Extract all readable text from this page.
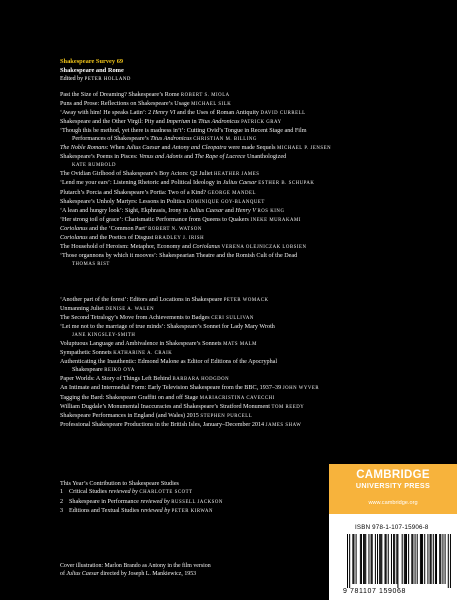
Shakespeare Survey 69
Shakespeare and Rome
Edited by PETER HOLLAND
Past the Size of Dreaming? Shakespeare’s Rome ROBERT S. MIOLA
Puns and Prose: Reflections on Shakespeare’s Usage MICHAEL SILK
‘Away with him! He speaks Latin’: 2 Henry VI and the Uses of Roman Antiquity DAVID CURRELL
Shakespeare and the Other Virgil: Pity and Imperium in Titus Andronicus PATRICK GRAY
‘Though this be method, yet there is madness in’t’: Cutting Ovid’s Tongue in Recent Stage and Film
Performances of Shakespeare’s Titus Andronicus CHRISTIAN M. BILLING
The Noble Romans: When Julius Caesar and Antony and Cleopatra were made Sequels MICHAEL P. JENSEN
Shakespeare’s Poems in Pisces: Venus and Adonis and The Rape of Lucrece Unanthologized
KATE RUMBOLD
The Ovidian Girlhood of Shakespeare’s Boy Actors: Q2 Juliet HEATHER JAMES
‘Lend me your ears’: Listening Rhetoric and Political Ideology in Julius Caesar ESTHER B. SCHUPAK
Plutarch’s Porcia and Shakespeare’s Portia: Two of a Kind? GEORGE MANDEL
Shakespeare’s Unholy Martyrs: Lessons in Politics DOMINIQUE GOY-BLANQUET
‘A lean and hungry look’: Sight, Ekphrasis, Irony in Julius Caesar and Henry V ROS KING
‘Her strong toil of grace’: Charismatic Performance from Queens to Quakers INEKE MURAKAMI
Coriolanus and the ‘Common Part’ ROBERT N. WATSON
Coriolanus and the Poetics of Disgust BRADLEY J. IRISH
The Household of Heroism: Metaphor, Economy and Coriolanus VERENA OLEJNICZAK LOBSIEN
‘Those organnons by which it mooves’: Shakespearian Theatre and the Romish Cult of the Dead
THOMAS RIST
‘Another part of the forest’: Editors and Locations in Shakespeare PETER WOMACK
Unmanning Juliet DENISE A. WALEN
The Second Tetralogy’s Move from Achievements to Badges CERI SULLIVAN
‘Let me not to the marriage of true minds’: Shakespeare’s Sonnet for Lady Mary Wroth
JANE KINGSLEY-SMITH
Voluptuous Language and Ambivalence in Shakespeare’s Sonnets MATS MALM
Sympathetic Sonnets KATHARINE A. CRAIK
Authenticating the Inauthentic: Edmond Malone as Editor of Editions of the Apocryphal
Shakespeare REIKO OYA
Paper Worlds: A Story of Things Left Behind BARBARA HODGDON
An Intimate and Intermedial Form: Early Television Shakespeare from the BBC, 1937–39 JOHN WYVER
Tagging the Bard: Shakespeare Graffiti on and off Stage MARIACRISTINA CAVECCHI
William Dugdale’s Monumental Inaccuracies and Shakespeare’s Stratford Monument TOM REEDY
Shakespeare Performances in England (and Wales) 2015 STEPHEN PURCELL
Professional Shakespeare Productions in the British Isles, January–December 2014 JAMES SHAW
This Year’s Contribution to Shakespeare Studies
1 Critical Studies reviewed by CHARLOTTE SCOTT
2 Shakespeare in Performance reviewed by RUSSELL JACKSON
3 Editions and Textual Studies reviewed by PETER KIRWAN
Cover illustration: Marlon Brando as Antony in the film version
of Julius Caesar directed by Joseph L. Mankiewicz, 1953
CAMBRIDGE
UNIVERSITY PRESS
www.cambridge.org
ISBN 978-1-107-15906-8
9 781107 159068
